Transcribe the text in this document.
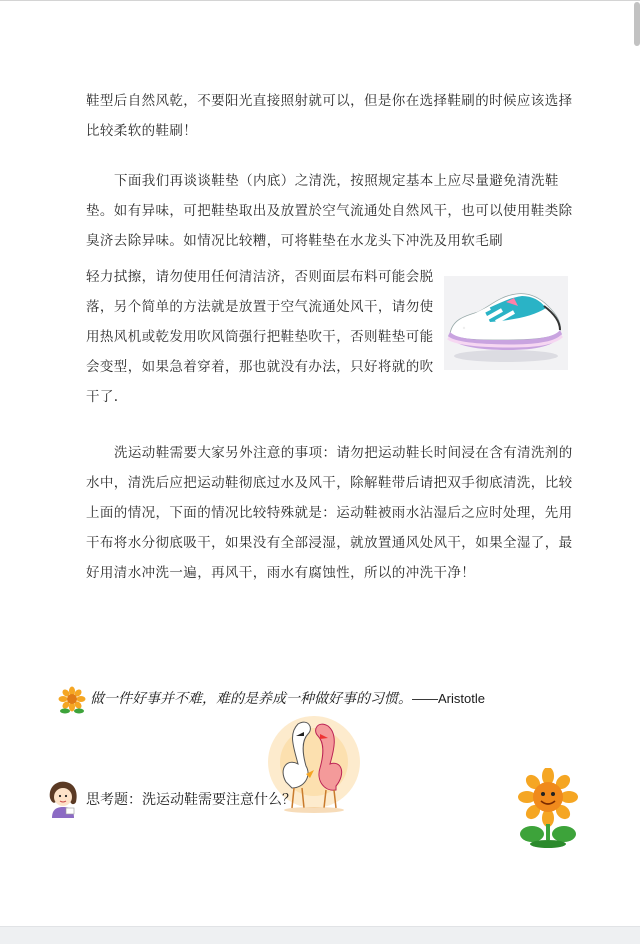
鞋型后自然风乾，不要阳光直接照射就可以，但是你在选择鞋刷的时候应该选择比较柔软的鞋刷！

下面我们再谈谈鞋垫（内底）之清洗，按照规定基本上应尽量避免清洗鞋垫。如有异味，可把鞋垫取出及放置於空气流通处自然风干，也可以使用鞋类除臭济去除异味。如情况比较糟，可将鞋垫在水龙头下冲洗及用软毛刷

轻力拭擦，请勿使用任何清洁济，否则面层布料可能会脱落，另个简单的方法就是放置于空气流通处风干，请勿使用热风机或乾发用吹风筒强行把鞋垫吹干，否则鞋垫可能会变型，如果急着穿着，那也就没有办法，只好将就的吹干了.

洗运动鞋需要大家另外注意的事项：请勿把运动鞋长时间浸在含有清洗剂的水中，清洗后应把运动鞋彻底过水及风干，除解鞋带后请把双手彻底清洗，比较上面的情况，下面的情况比较特殊就是：运动鞋被雨水沾湿后之应时处理，先用干布将水分彻底吸干，如果没有全部浸湿，就放置通风处风干，如果全湿了，最好用清水冲洗一遍，再风干，雨水有腐蚀性，所以的冲洗干净！

做一件好事并不难，难的是养成一种做好事的习惯。——Aristotle
思考题：洗运动鞋需要注意什么？
